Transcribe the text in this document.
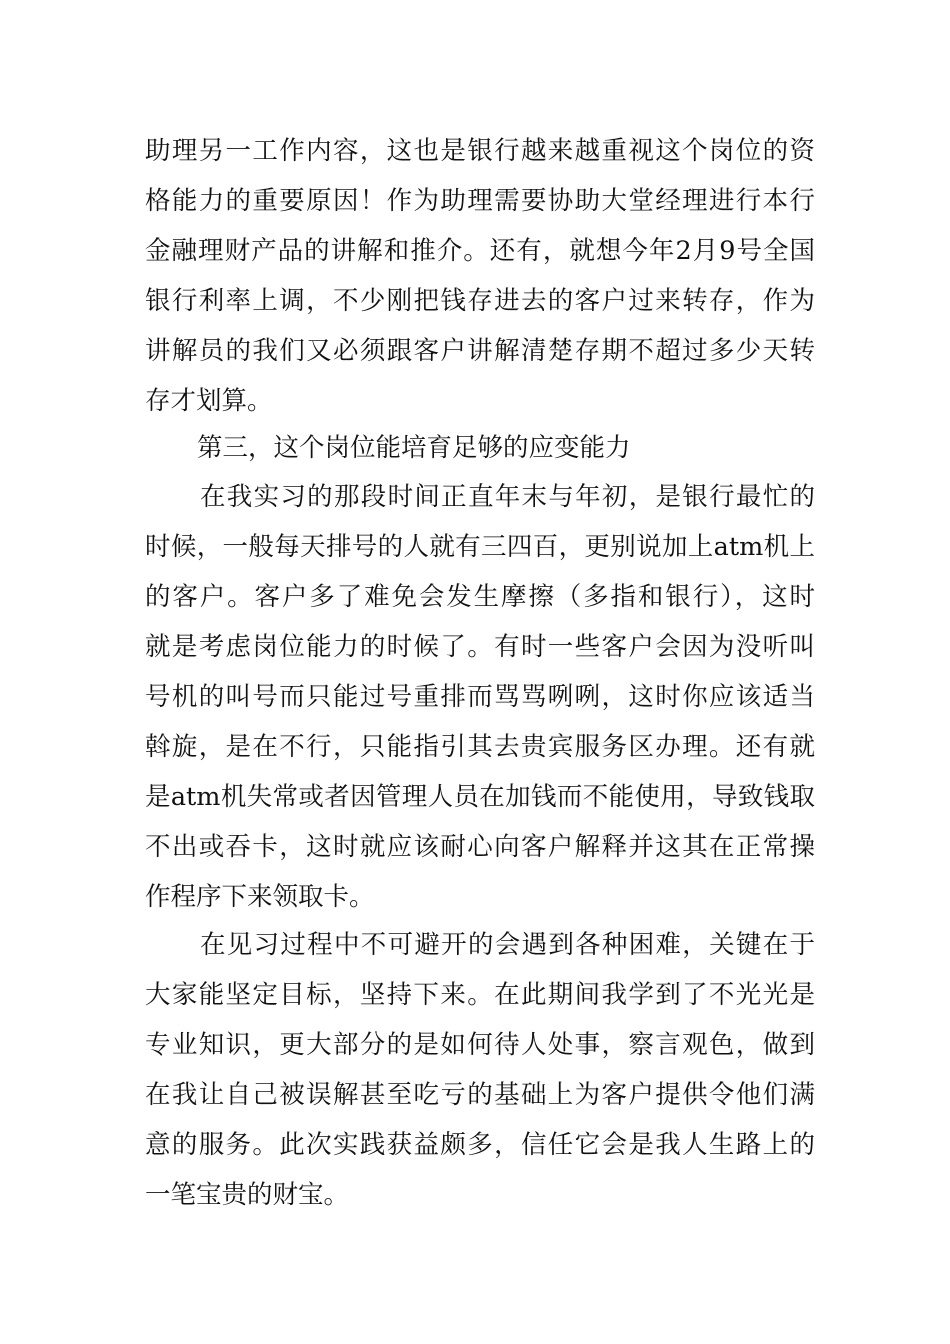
助理另一工作内容，这也是银行越来越重视这个岗位的资
格能力的重要原因！作为助理需要协助大堂经理进行本行
金融理财产品的讲解和推介。还有，就想今年2月9号全国
银行利率上调，不少刚把钱存进去的客户过来转存，作为
讲解员的我们又必须跟客户讲解清楚存期不超过多少天转
存才划算。
第三，这个岗位能培育足够的应变能力
在我实习的那段时间正直年末与年初，是银行最忙的
时候，一般每天排号的人就有三四百，更别说加上atm机上
的客户。客户多了难免会发生摩擦（多指和银行），这时
就是考虑岗位能力的时候了。有时一些客户会因为没听叫
号机的叫号而只能过号重排而骂骂咧咧，这时你应该适当
斡旋，是在不行，只能指引其去贵宾服务区办理。还有就
是atm机失常或者因管理人员在加钱而不能使用，导致钱取
不出或吞卡，这时就应该耐心向客户解释并这其在正常操
作程序下来领取卡。
在见习过程中不可避开的会遇到各种困难，关键在于
大家能坚定目标，坚持下来。在此期间我学到了不光光是
专业知识，更大部分的是如何待人处事，察言观色，做到
在我让自己被误解甚至吃亏的基础上为客户提供令他们满
意的服务。此次实践获益颇多，信任它会是我人生路上的
一笔宝贵的财宝。
